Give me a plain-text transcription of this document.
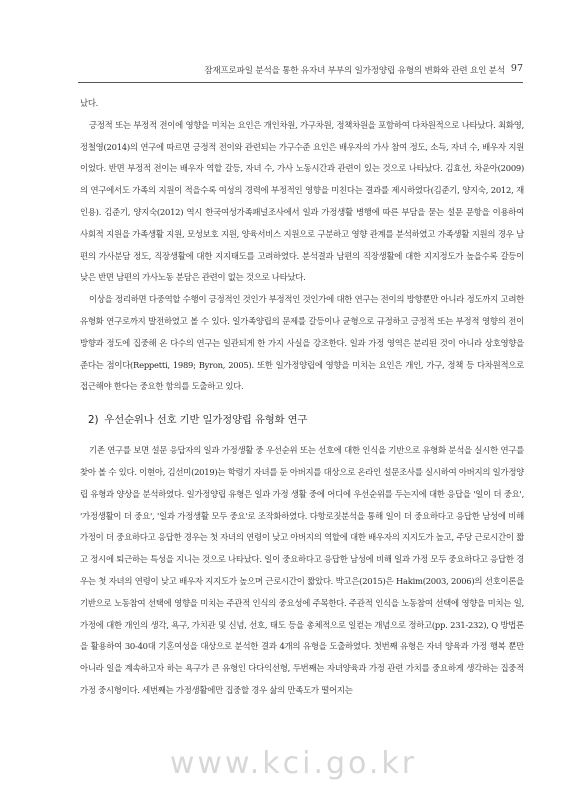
잠재프로파일 분석을 통한 유자녀 부부의 일가정양립 유형의 변화와 관련 요인 분석 97

났다.

긍정적 또는 부정적 전이에 영향을 미치는 요인은 개인차원, 가구차원, 정책차원을 포함하여 다차원적으로 나타났다. 최화영, 정철영(2014)의 연구에 따르면 긍정적 전이와 관련되는 가구수준 요인은 배우자의 가사 참여 정도, 소득, 자녀 수, 배우자 지원이었다. 반면 부정적 전이는 배우자 역할 갈등, 자녀 수, 가사 노동시간과 관련이 있는 것으로 나타났다. 김효선, 차운아(2009)의 연구에서도 가족의 지원이 적을수록 여성의 경력에 부정적인 영향을 미친다는 결과를 제시하였다(김준기, 양지숙, 2012, 재인용). 김준기, 양지숙(2012) 역시 한국여성가족패널조사에서 일과 가정생활 병행에 따른 부담을 묻는 설문 문항을 이용하여 사회적 지원을 가족생활 지원, 모성보호 지원, 양육서비스 지원으로 구분하고 영향 관계를 분석하였고 가족생활 지원의 경우 남편의 가사분담 정도, 직장생활에 대한 지지태도를 고려하였다. 분석결과 남편의 직장생활에 대한 지지정도가 높을수록 갈등이 낮은 반면 남편의 가사노동 분담은 관련이 없는 것으로 나타났다.

이상을 정리하면 다중역할 수행이 긍정적인 것인가 부정적인 것인가에 대한 연구는 전이의 방향뿐만 아니라 정도까지 고려한 유형화 연구로까지 발전하였고 볼 수 있다. 일가족양립의 문제를 갈등이나 균형으로 규정하고 긍정적 또는 부정적 영향의 전이 방향과 정도에 집중해 온 다수의 연구는 일관되게 한 가지 사실을 강조한다. 일과 가정 영역은 분리된 것이 아니라 상호영향을 준다는 점이다(Reppetti, 1989; Byron, 2005). 또한 일가정양립에 영향을 미치는 요인은 개인, 가구, 정책 등 다차원적으로 접근해야 한다는 중요한 함의를 도출하고 있다.

2) 우선순위나 선호 기반 일가정양립 유형화 연구

기존 연구를 보면 설문 응답자의 일과 가정생활 중 우선순위 또는 선호에 대한 인식을 기반으로 유형화 분석을 실시한 연구를 찾아 볼 수 있다. 이현아, 김선미(2019)는 학령기 자녀를 둔 아버지를 대상으로 온라인 설문조사를 실시하여 아버지의 일가정양립 유형과 양상을 분석하였다. 일가정양립 유형은 일과 가정 생활 중에 어디에 우선순위를 두는지에 대한 응답을 '일이 더 중요', '가정생활이 더 중요', '일과 가정생활 모두 중요'로 조작화하였다. 다항로짓분석을 통해 일이 더 중요하다고 응답한 남성에 비해 가정이 더 중요하다고 응답한 경우는 첫 자녀의 연령이 낮고 아버지의 역할에 대한 배우자의 지지도가 높고, 주당 근로시간이 짧고 정시에 퇴근하는 특성을 지니는 것으로 나타났다. 일이 중요하다고 응답한 남성에 비해 일과 가정 모두 중요하다고 응답한 경우는 첫 자녀의 연령이 낮고 배우자 지지도가 높으며 근로시간이 짧았다. 박고은(2015)은 Hakim(2003, 2006)의 선호이론을 기반으로 노동참여 선택에 영향을 미치는 주관적 인식의 중요성에 주목한다. 주관적 인식을 노동참여 선택에 영향을 미치는 일, 가정에 대한 개인의 생각, 욕구, 가치관 및 신념, 선호, 태도 등을 총체적으로 일컫는 개념으로 정하고(pp. 231-232), Q 방법론을 활용하여 30-40대 기혼여성을 대상으로 분석한 결과 4개의 유형을 도출하였다. 첫번째 유형은 자녀 양육과 가정 행복 뿐만 아니라 일을 계속하고자 하는 욕구가 큰 유형인 다다익선형, 두번째는 자녀양육과 가정 관련 가치를 중요하게 생각하는 집중적 가정 중시형이다. 세번째는 가정생활에만 집중할 경우 삶의 만족도가 떨어지는

www.kci.go.kr
